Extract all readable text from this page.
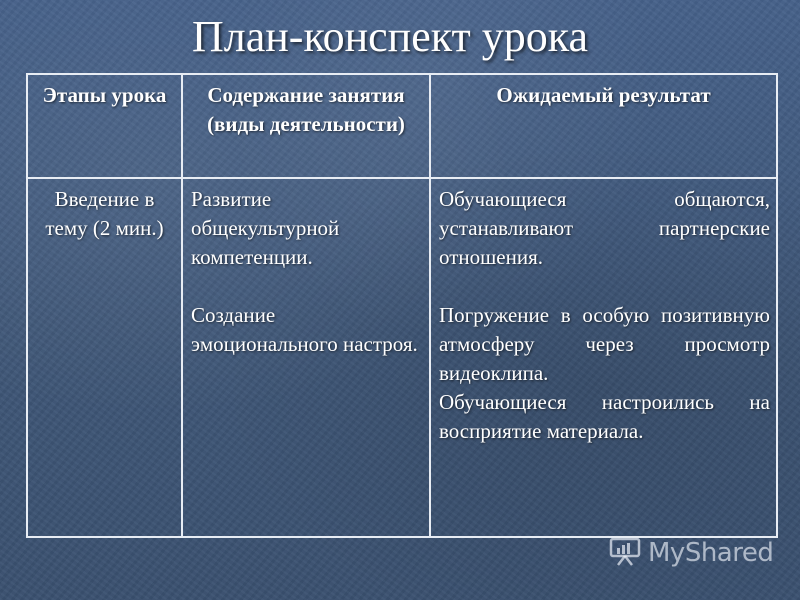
План-конспект урока
Этапы урока	Содержание занятия (виды деятельности)
Ожидаемый результат
Введение в тему (2 мин.)

Развитие общекультурной компетенции.

Создание эмоционального настроя.

Обучающиеся общаются, устанавливают партнерские отношения.

Погружение в особую позитивную атмосферу через просмотр видеоклипа.

Обучающиеся настроились на восприятие материала.

MyShared
